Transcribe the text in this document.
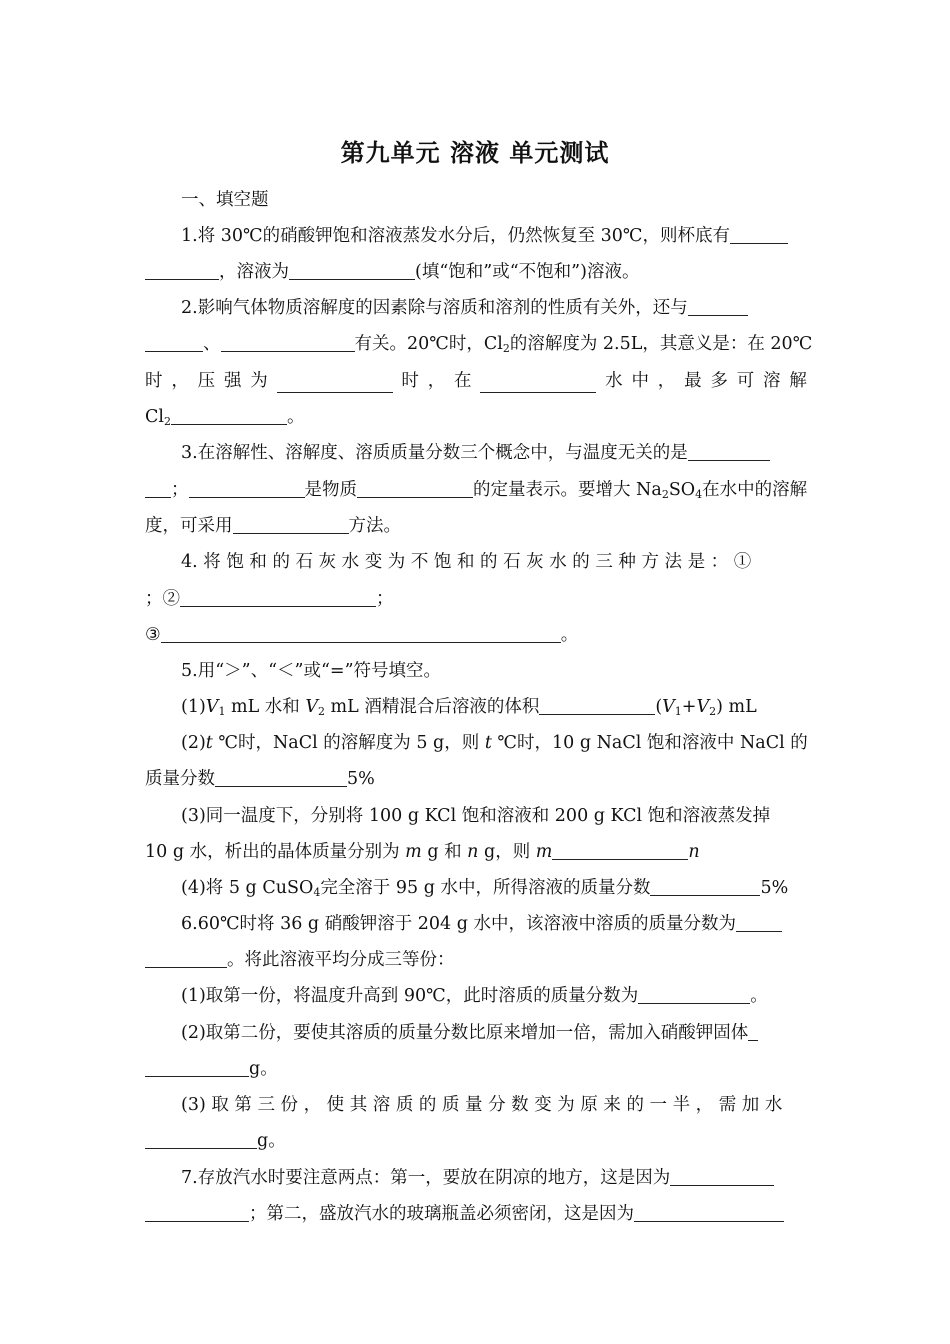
第九单元 溶液 单元测试
一、填空题
1.将 30℃的硝酸钾饱和溶液蒸发水分后，仍然恢复至 30℃，则杯底有
，溶液为	(填“饱和”或“不饱和”)溶液。
2.影响气体物质溶解度的因素除与溶质和溶剂的性质有关外，还与
、	有关。20℃时，$Cl_2$的溶解度为 2.5L，其意义是：在 20℃
时 ， 压 强 为	时 ， 在	水 中 ， 最 多 可 溶 解
$Cl_2$	。
3.在溶解性、溶解度、溶质质量分数三个概念中，与温度无关的是
；	是物质	的定量表示。要增大 $Na_2SO_4$在水中的溶解
度，可采用	方法。
4. 将 饱 和 的 石 灰 水 变 为 不 饱 和 的 石 灰 水 的 三 种 方 法 是 ： ①
；②	；
③	。
5.用“＞”、“＜”或“=”符号填空。
$(1)V_1$ mL 水和 $V_2$ mL 酒精混合后溶液的体积	$(V_1+V_2)$ mL
(2)t ℃时，NaCl 的溶解度为 5 g，则 t ℃时，10 g NaCl 饱和溶液中 NaCl 的
质量分数	5%
(3)同一温度下，分别将 100 g KCl 饱和溶液和 200 g KCl 饱和溶液蒸发掉
10 g 水，析出的晶体质量分别为 m g 和 n g，则 m	n
(4)将 5 g CuSO$_4$完全溶于 95 g 水中，所得溶液的质量分数	5%
6.60℃时将 36 g 硝酸钾溶于 204 g 水中，该溶液中溶质的质量分数为
。将此溶液平均分成三等份：
(1)取第一份，将温度升高到 90℃，此时溶质的质量分数为	。
(2)取第二份，要使其溶质的质量分数比原来增加一倍，需加入硝酸钾固体
g。
(3) 取 第 三 份 ， 使 其 溶 质 的 质 量 分 数 变 为 原 来 的 一 半 ， 需 加 水
g。
7.存放汽水时要注意两点：第一，要放在阴凉的地方，这是因为
；第二，盛放汽水的玻璃瓶盖必须密闭，这是因为
